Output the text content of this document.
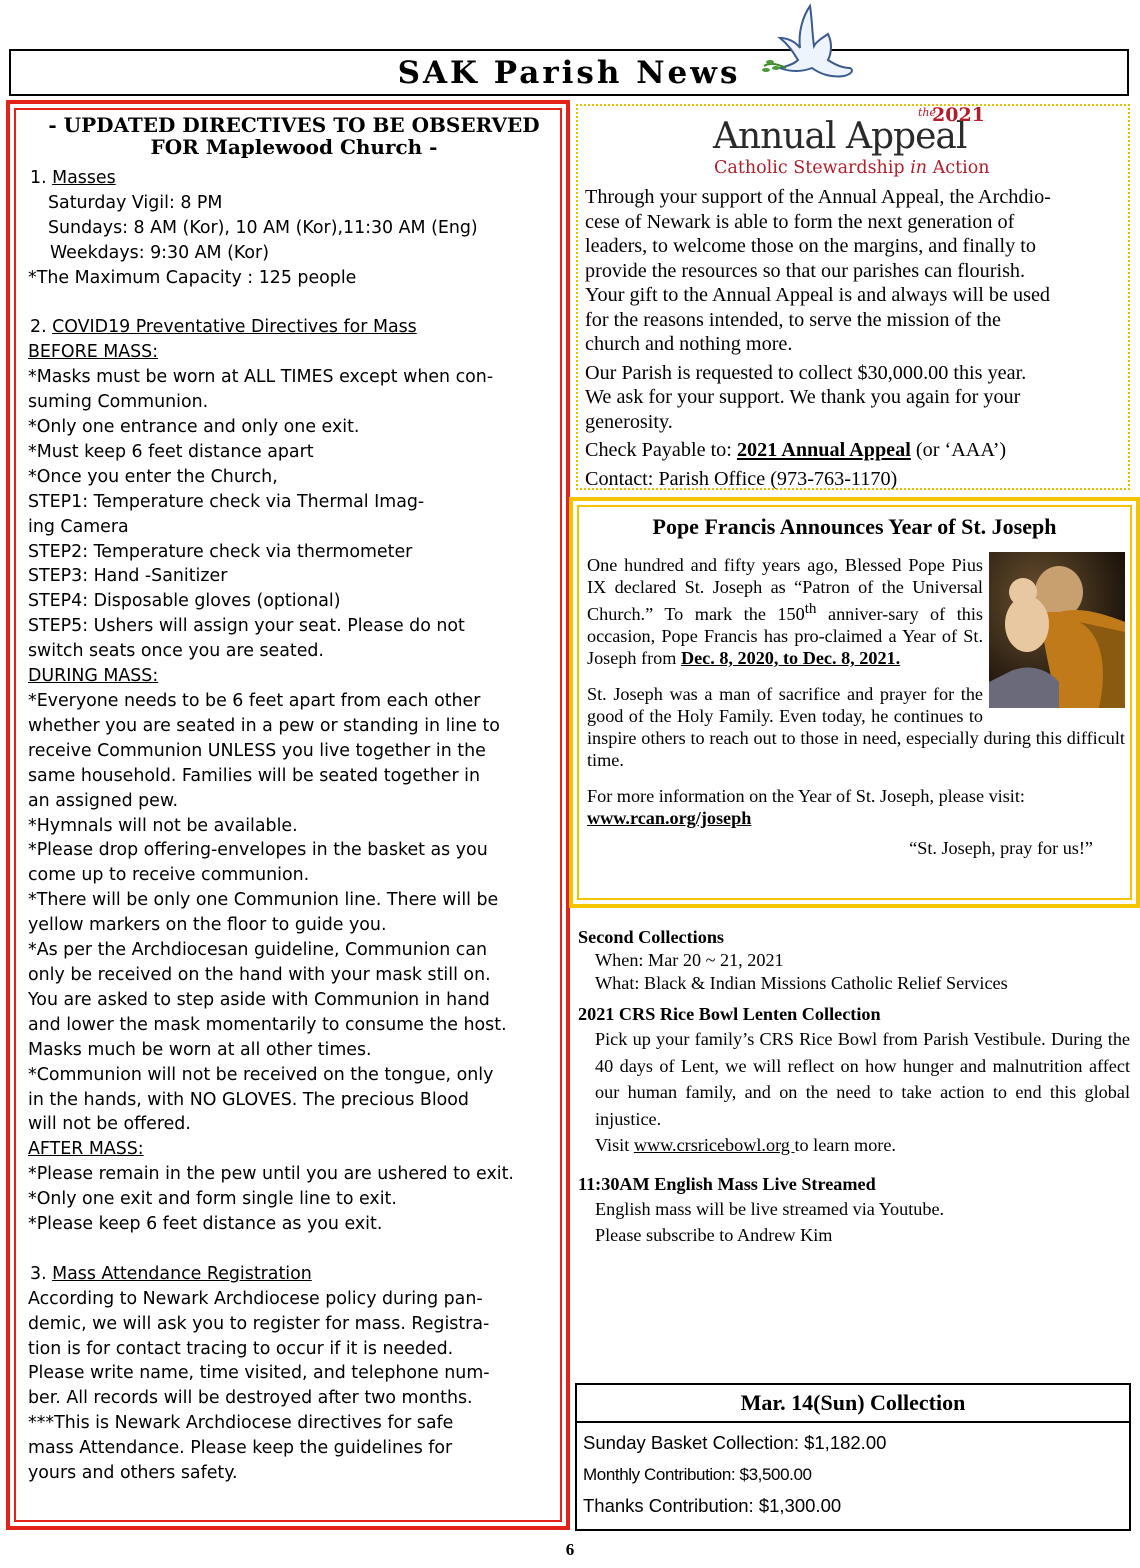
SAK Parish News
- UPDATED DIRECTIVES TO BE OBSERVED
FOR Maplewood Church -

1. Masses

Saturday Vigil: 8 PM

Sundays: 8 AM (Kor), 10 AM (Kor),11:30 AM (Eng)

Weekdays: 9:30 AM (Kor)

*The Maximum Capacity : 125 people

2. COVID19 Preventative Directives for Mass

BEFORE MASS:

*Masks must be worn at ALL TIMES except when con-

suming Communion.

*Only one entrance and only one exit.

*Must keep 6 feet distance apart

*Once you enter the Church,

STEP1: Temperature check via Thermal Imag-

ing Camera

STEP2: Temperature check via thermometer

STEP3: Hand -Sanitizer

STEP4: Disposable gloves (optional)

STEP5: Ushers will assign your seat. Please do not

switch seats once you are seated.

DURING MASS:

*Everyone needs to be 6 feet apart from each other

whether you are seated in a pew or standing in line to

receive Communion UNLESS you live together in the

same household. Families will be seated together in

an assigned pew.

*Hymnals will not be available.

*Please drop offering-envelopes in the basket as you

come up to receive communion.

*There will be only one Communion line. There will be

yellow markers on the floor to guide you.

*As per the Archdiocesan guideline, Communion can

only be received on the hand with your mask still on.

You are asked to step aside with Communion in hand

and lower the mask momentarily to consume the host.

Masks much be worn at all other times.

*Communion will not be received on the tongue, only

in the hands, with NO GLOVES. The precious Blood

will not be offered.

AFTER MASS:

*Please remain in the pew until you are ushered to exit.

*Only one exit and form single line to exit.

*Please keep 6 feet distance as you exit.

3. Mass Attendance Registration

According to Newark Archdiocese policy during pan-

demic, we will ask you to register for mass. Registra-

tion is for contact tracing to occur if it is needed.

Please write name, time visited, and telephone num-

ber. All records will be destroyed after two months.

***This is Newark Archdiocese directives for safe

mass Attendance. Please keep the guidelines for

yours and others safety.

Annual Appeal
the
2021
Catholic Stewardship in Action

Through your support of the Annual Appeal, the Archdio-

cese of Newark is able to form the next generation of

leaders, to welcome those on the margins, and finally to

provide the resources so that our parishes can flourish.

Your gift to the Annual Appeal is and always will be used

for the reasons intended, to serve the mission of the

church and nothing more.

Our Parish is requested to collect $30,000.00 this year.

We ask for your support. We thank you again for your

generosity.

Check Payable to: 2021 Annual Appeal (or ‘AAA’)

Contact: Parish Office (973-763-1170)

Pope Francis Announces Year of St. Joseph

One hundred and fifty years ago, Blessed Pope Pius IX declared St. Joseph as “Patron of the Universal Church.” To mark the 150th anniver-sary of this occasion, Pope Francis has pro-claimed a Year of St. Joseph from Dec. 8, 2020, to Dec. 8, 2021.

St. Joseph was a man of sacrifice and prayer for the good of the Holy Family. Even today, he continues to inspire others to reach out to those in need, especially during this difficult time.

For more information on the Year of St. Joseph, please visit:

www.rcan.org/joseph

“St. Joseph, pray for us!”

Second Collections

When: Mar 20 ~ 21, 2021

What: Black & Indian Missions Catholic Relief Services

2021 CRS Rice Bowl Lenten Collection

Pick up your family’s CRS Rice Bowl from Parish Vestibule. During the 40 days of Lent, we will reflect on how hunger and malnutrition affect our human family, and on the need to take action to end this global injustice.

Visit www.crsricebowl.org to learn more.

11:30AM English Mass Live Streamed

English mass will be live streamed via Youtube.

Please subscribe to Andrew Kim

Mar. 14(Sun) Collection
Sunday Basket Collection: $1,182.00
Monthly Contribution: $3,500.00
Thanks Contribution: $1,300.00
6
